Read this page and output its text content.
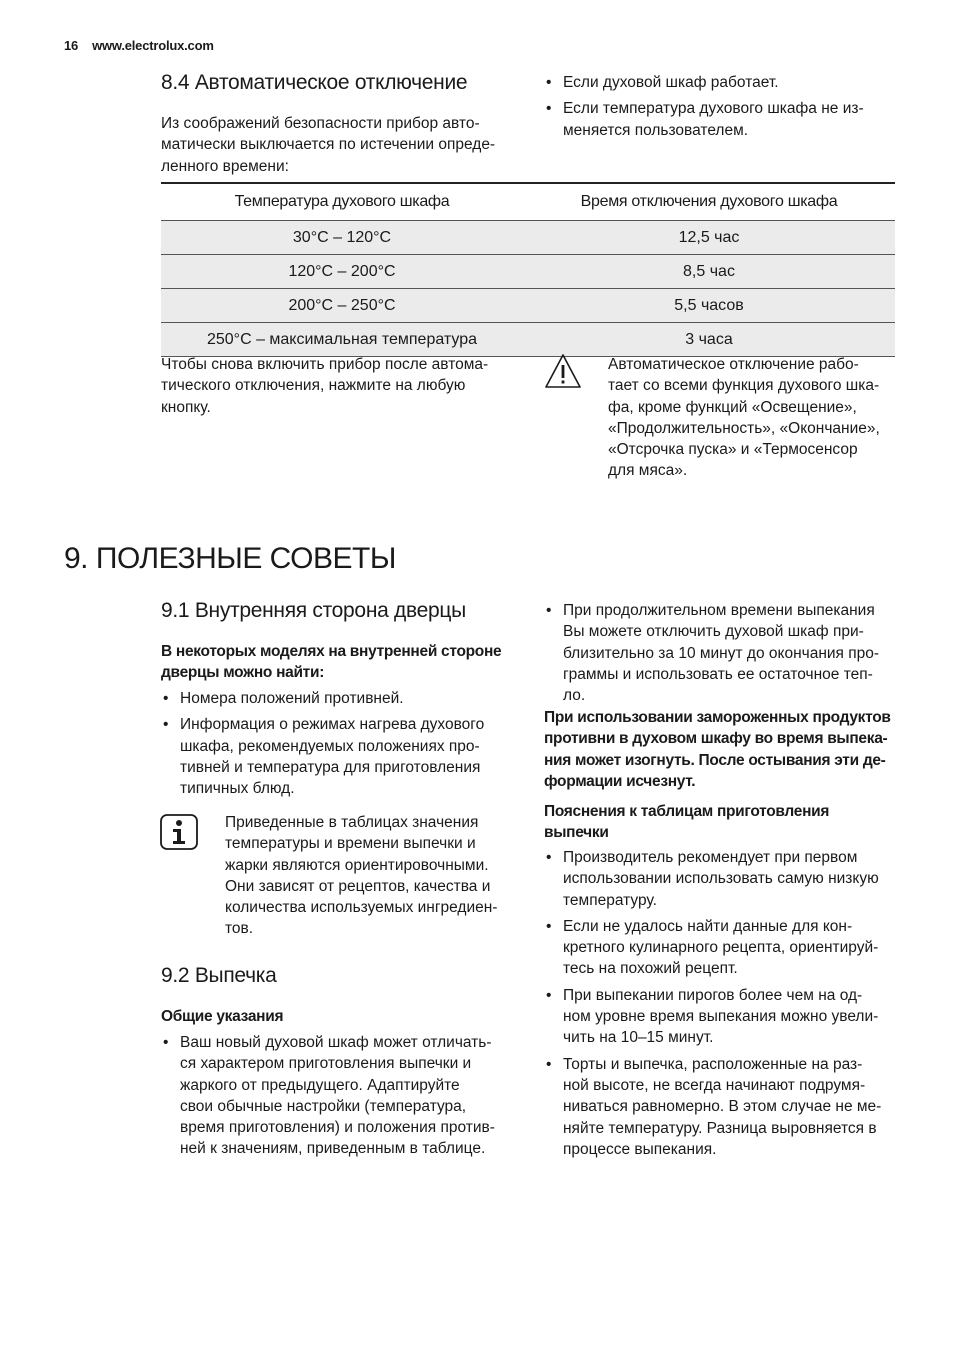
16 www.electrolux.com
8.4 Автоматическое отключение
Из соображений безопасности прибор авто-
матически выключается по истечении опреде-
ленного времени:
• Если духовой шкаф работает.
• Если температура духового шкафа не из-
меняется пользователем.
Температура духового шкафа	Время отключения духового шкафа
30°C – 120°C	12,5 час
120°C – 200°C	8,5 час
200°C – 250°C	5,5 часов
250°C – максимальная температура	3 часа
Чтобы снова включить прибор после автома-
тического отключения, нажмите на любую
кнопку.
Автоматическое отключение рабо-
тает со всеми функция духового шка-
фа, кроме функций «Освещение»,
«Продолжительность», «Окончание»,
«Отсрочка пуска» и «Термосенсор
для мяса».
9. ПОЛЕЗНЫЕ СОВЕТЫ
9.1 Внутренняя сторона дверцы
В некоторых моделях на внутренней стороне
дверцы можно найти:
• Номера положений противней.
• Информация о режимах нагрева духового
шкафа, рекомендуемых положениях про-
тивней и температура для приготовления
типичных блюд.
Приведенные в таблицах значения
температуры и времени выпечки и
жарки являются ориентировочными.
Они зависят от рецептов, качества и
количества используемых ингредиен-
тов.
9.2 Выпечка
Общие указания
• Ваш новый духовой шкаф может отличать-
ся характером приготовления выпечки и
жаркого от предыдущего. Адаптируйте
свои обычные настройки (температура,
время приготовления) и положения против-
ней к значениям, приведенным в таблице.
• При продолжительном времени выпекания
Вы можете отключить духовой шкаф при-
близительно за 10 минут до окончания про-
граммы и использовать ее остаточное теп-
ло.
При использовании замороженных продуктов
противни в духовом шкафу во время выпека-
ния может изогнуть. После остывания эти де-
формации исчезнут.
Пояснения к таблицам приготовления
выпечки
• Производитель рекомендует при первом
использовании использовать самую низкую
температуру.
• Если не удалось найти данные для кон-
кретного кулинарного рецепта, ориентируй-
тесь на похожий рецепт.
• При выпекании пирогов более чем на од-
ном уровне время выпекания можно увели-
чить на 10–15 минут.
• Торты и выпечка, расположенные на раз-
ной высоте, не всегда начинают подрумя-
ниваться равномерно. В этом случае не ме-
няйте температуру. Разница выровняется в
процессе выпекания.
